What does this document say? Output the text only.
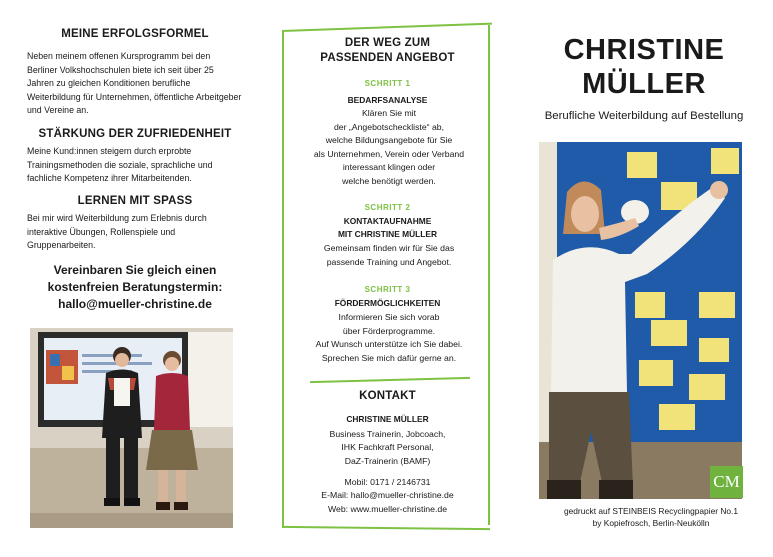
MEINE ERFOLGSFORMEL
Neben meinem offenen Kursprogramm bei den Berliner Volkshochschulen biete ich seit über 25 Jahren zu gleichen Konditionen berufliche Weiterbildung für Unternehmen, öffentliche Arbeitgeber und Vereine an.
STÄRKUNG DER ZUFRIEDENHEIT
Meine Kund:innen steigern durch erprobte Trainingsmethoden die soziale, sprachliche und fachliche Kompetenz ihrer Mitarbeitenden.
LERNEN MIT SPASS
Bei mir wird Weiterbildung zum Erlebnis durch interaktive Übungen, Rollenspiele und Gruppenarbeiten.
Vereinbaren Sie gleich einen
kostenfreien Beratungstermin:
hallo@mueller-christine.de
DER WEG ZUM
PASSENDEN ANGEBOT
SCHRITT 1
BEDARFSANALYSE
Klären Sie mit
der „Angebotscheckliste“ ab,
welche Bildungsangebote für Sie
als Unternehmen, Verein oder Verband
interessant klingen oder
welche benötigt werden.
SCHRITT 2
KONTAKTAUFNAHME
MIT CHRISTINE MÜLLER
Gemeinsam finden wir für Sie das
passende Training und Angebot.
SCHRITT 3
FÖRDERMÖGLICHKEITEN
Informieren Sie sich vorab
über Förderprogramme.
Auf Wunsch unterstütze ich Sie dabei.
Sprechen Sie mich dafür gerne an.
KONTAKT
CHRISTINE MÜLLER
Business Trainerin, Jobcoach,
IHK Fachkraft Personal,
DaZ-Trainerin (BAMF)
Mobil: 0171 / 2146731
E-Mail: hallo@mueller-christine.de
Web: www.mueller-christine.de
CHRISTINE
MÜLLER
Berufliche Weiterbildung auf Bestellung
CM
gedruckt auf STEINBEIS Recyclingpapier No.1
by Kopiefrosch, Berlin-Neukölln
